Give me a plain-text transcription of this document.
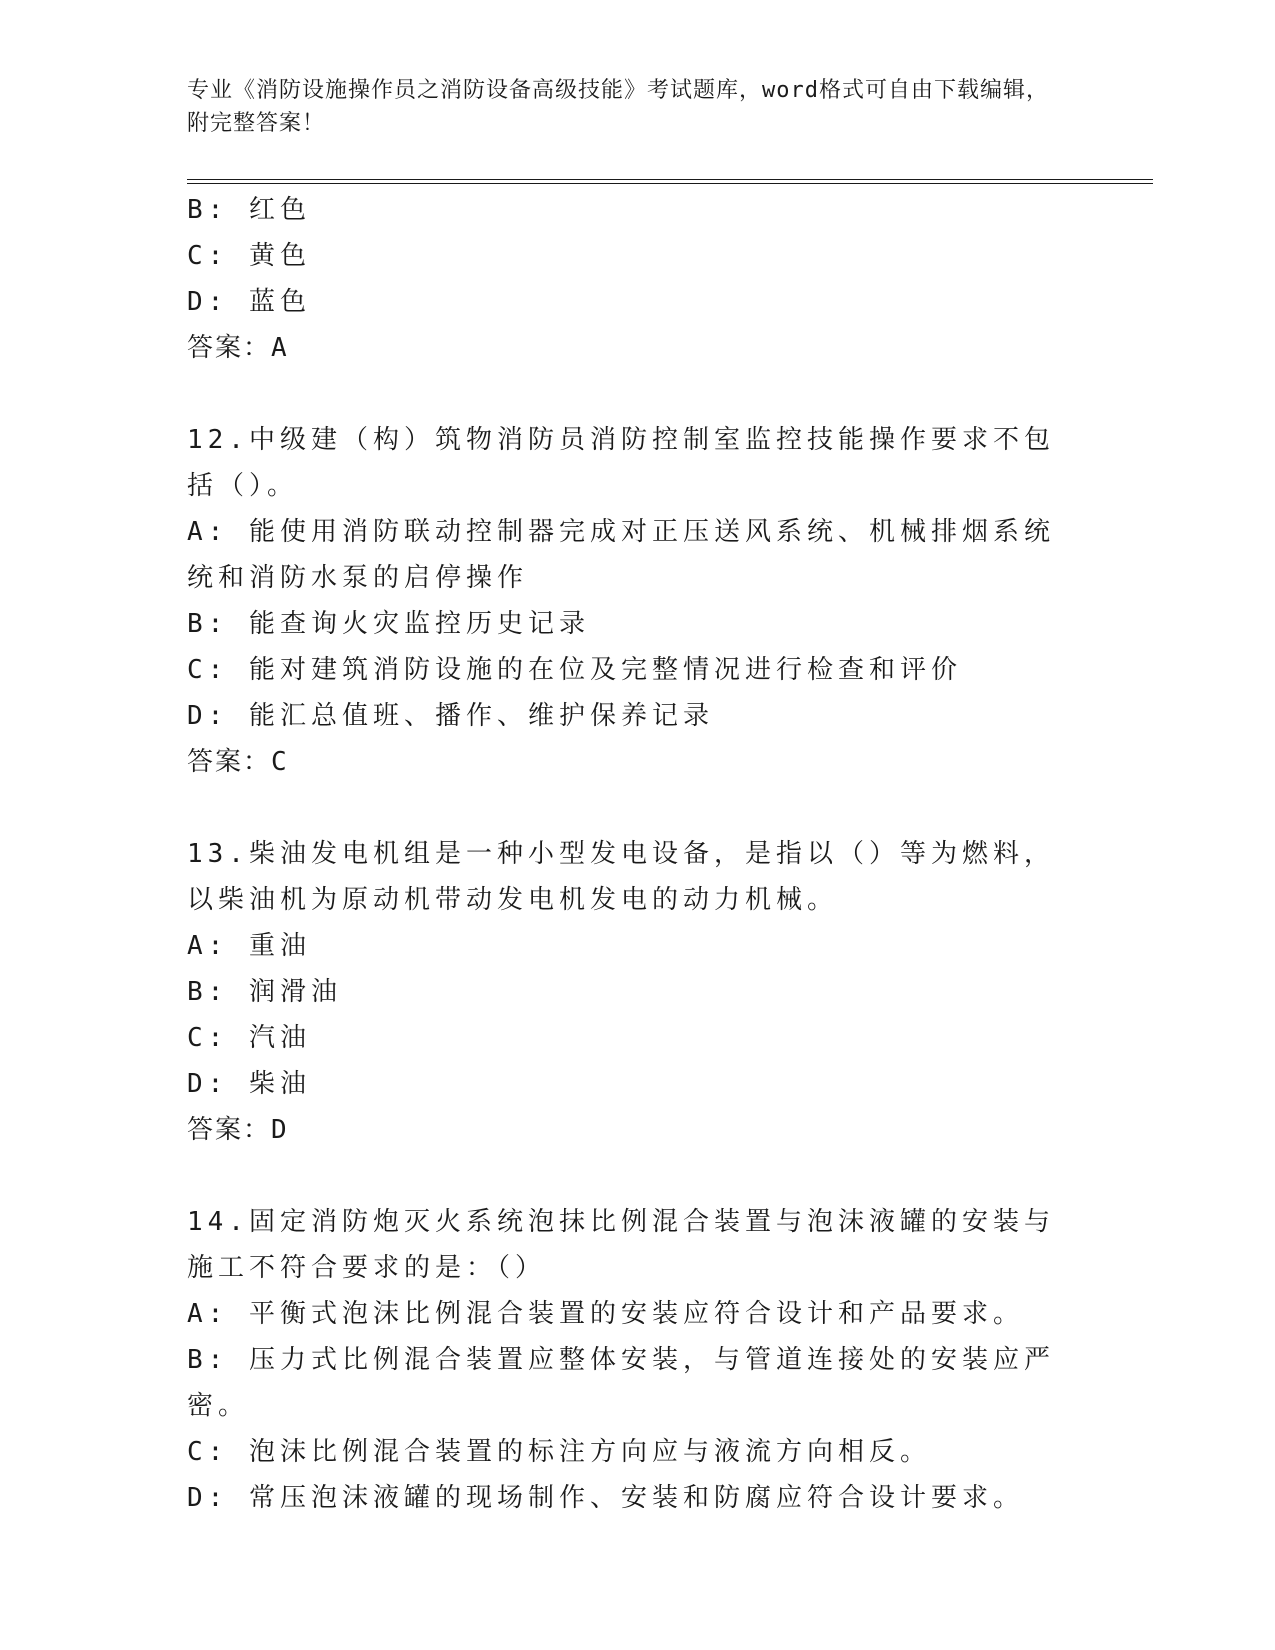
专业《消防设施操作员之消防设备高级技能》考试题库，word格式可自由下载编辑，附完整答案！
B: 红色
C: 黄色
D: 蓝色
答案：A
12.中级建（构）筑物消防员消防控制室监控技能操作要求不包括（）。
A: 能使用消防联动控制器完成对正压送风系统、机械排烟系统统和消防水泵的启停操作
B: 能查询火灾监控历史记录
C: 能对建筑消防设施的在位及完整情况进行检查和评价
D: 能汇总值班、播作、维护保养记录
答案：C
13.柴油发电机组是一种小型发电设备，是指以（）等为燃料，以柴油机为原动机带动发电机发电的动力机械。
A: 重油
B: 润滑油
C: 汽油
D: 柴油
答案：D
14.固定消防炮灭火系统泡抹比例混合装置与泡沫液罐的安装与施工不符合要求的是：（）
A: 平衡式泡沫比例混合装置的安装应符合设计和产品要求。
B: 压力式比例混合装置应整体安装，与管道连接处的安装应严密。
C: 泡沫比例混合装置的标注方向应与液流方向相反。
D: 常压泡沫液罐的现场制作、安装和防腐应符合设计要求。
